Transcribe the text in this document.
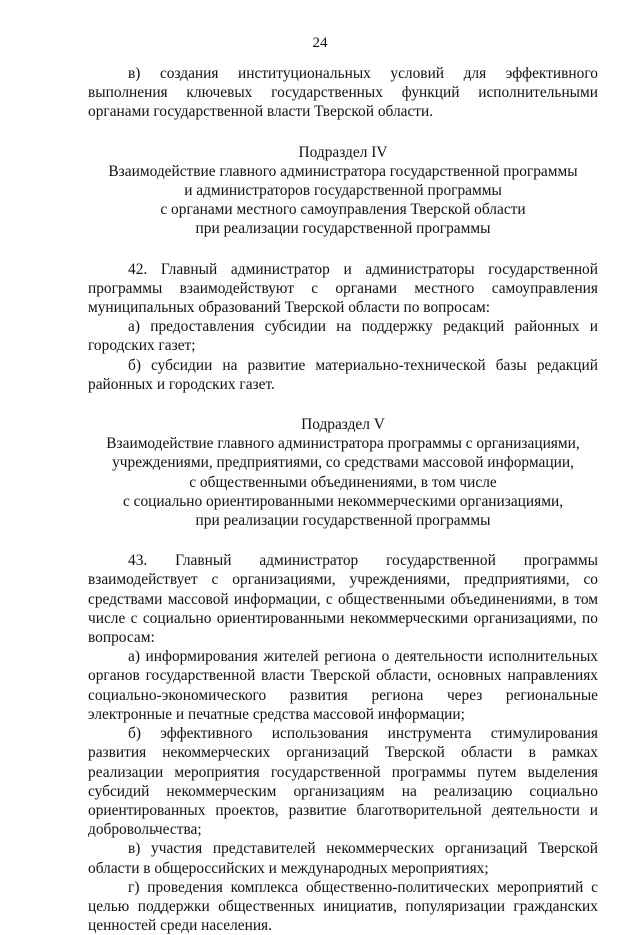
24

в) создания институциональных условий для эффективного выполнения ключевых государственных функций исполнительными органами государственной власти Тверской области.

Подраздел IV
Взаимодействие главного администратора государственной программы
и администраторов государственной программы
с органами местного самоуправления Тверской области
при реализации государственной программы

42. Главный администратор и администраторы государственной программы взаимодействуют с органами местного самоуправления муниципальных образований Тверской области по вопросам:

а) предоставления субсидии на поддержку редакций районных и городских газет;

б) субсидии на развитие материально-технической базы редакций районных и городских газет.

Подраздел V
Взаимодействие главного администратора программы с организациями,
учреждениями, предприятиями, со средствами массовой информации,
с общественными объединениями, в том числе
с социально ориентированными некоммерческими организациями,
при реализации государственной программы

43. Главный администратор государственной программы взаимодействует с организациями, учреждениями, предприятиями, со средствами массовой информации, с общественными объединениями, в том числе с социально ориентированными некоммерческими организациями, по вопросам:

а) информирования жителей региона о деятельности исполнительных органов государственной власти Тверской области, основных направлениях социально-экономического развития региона через региональные электронные и печатные средства массовой информации;

б) эффективного использования инструмента стимулирования развития некоммерческих организаций Тверской области в рамках реализации мероприятия государственной программы путем выделения субсидий некоммерческим организациям на реализацию социально ориентированных проектов, развитие благотворительной деятельности и добровольчества;

в) участия представителей некоммерческих организаций Тверской области в общероссийских и международных мероприятиях;

г) проведения комплекса общественно-политических мероприятий с целью поддержки общественных инициатив, популяризации гражданских ценностей среди населения.
